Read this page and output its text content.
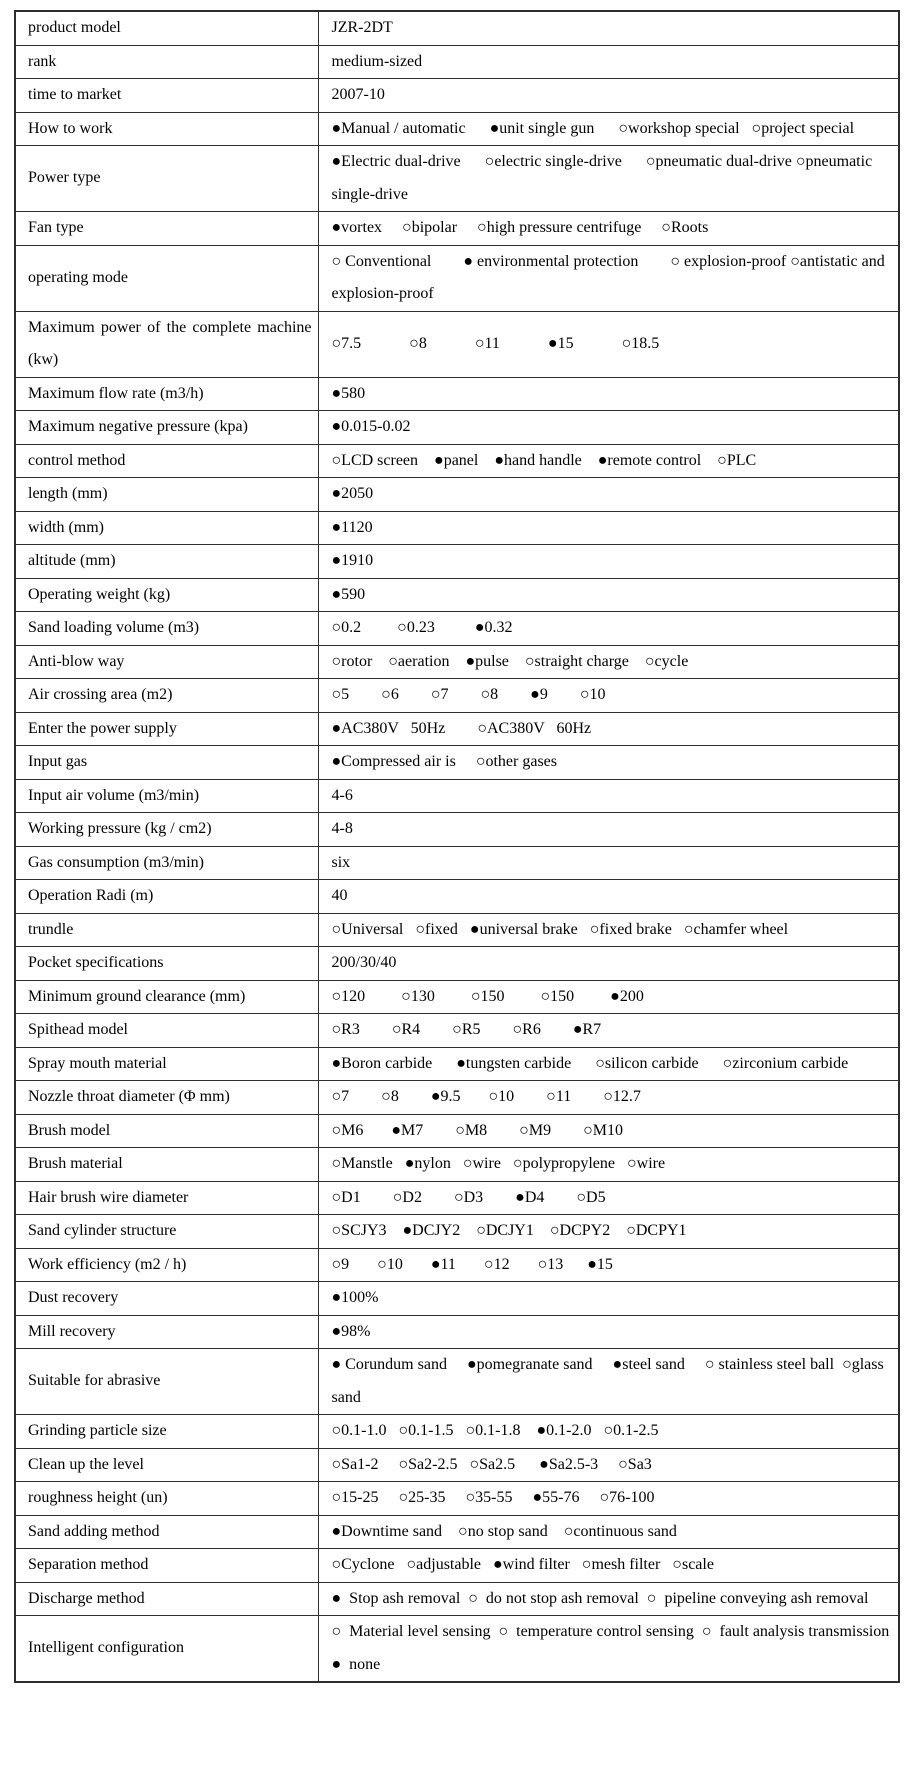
product model	JZR-2DT
rank	medium-sized
time to market	2007-10
How to work	●Manual / automatic      ●unit single gun      ○workshop special   ○project special
Power type	●Electric dual-drive      ○electric single-drive      ○pneumatic dual-drive ○pneumatic single-drive
Fan type	●vortex     ○bipolar     ○high pressure centrifuge     ○Roots
operating mode	○ Conventional        ● environmental protection        ○ explosion-proof ○antistatic and explosion-proof
Maximum power of the complete machine (kw)	○7.5            ○8            ○11            ●15            ○18.5
Maximum flow rate (m3/h)	●580
Maximum negative pressure (kpa)	●0.015-0.02
control method	○LCD screen    ●panel    ●hand handle    ●remote control    ○PLC
length (mm)	●2050
width (mm)	●1120
altitude (mm)	●1910
Operating weight (kg)	●590
Sand loading volume (m3)	○0.2         ○0.23          ●0.32
Anti-blow way	○rotor    ○aeration    ●pulse    ○straight charge    ○cycle
Air crossing area (m2)	○5        ○6        ○7        ○8        ●9        ○10
Enter the power supply	●AC380V   50Hz        ○AC380V   60Hz
Input gas	●Compressed air is     ○other gases
Input air volume (m3/min)	4-6
Working pressure (kg / cm2)	4-8
Gas consumption (m3/min)	six
Operation Radi (m)	40
trundle	○Universal   ○fixed   ●universal brake   ○fixed brake   ○chamfer wheel
Pocket specifications	200/30/40
Minimum ground clearance (mm)	○120         ○130         ○150         ○150         ●200
Spithead model	○R3        ○R4        ○R5        ○R6        ●R7
Spray mouth material	●Boron carbide      ●tungsten carbide      ○silicon carbide      ○zirconium carbide
Nozzle throat diameter (Φ mm)	○7        ○8        ●9.5       ○10        ○11        ○12.7
Brush model	○M6       ●M7        ○M8        ○M9        ○M10
Brush material	○Manstle   ●nylon   ○wire   ○polypropylene   ○wire
Hair brush wire diameter	○D1        ○D2        ○D3        ●D4        ○D5
Sand cylinder structure	○SCJY3    ●DCJY2    ○DCJY1    ○DCPY2    ○DCPY1
Work efficiency (m2 / h)	○9       ○10       ●11       ○12       ○13      ●15
Dust recovery	●100%
Mill recovery	●98%
Suitable for abrasive	● Corundum sand     ●pomegranate sand     ●steel sand     ○ stainless steel ball  ○glass sand
Grinding particle size	○0.1-1.0   ○0.1-1.5   ○0.1-1.8    ●0.1-2.0   ○0.1-2.5
Clean up the level	○Sa1-2     ○Sa2-2.5   ○Sa2.5      ●Sa2.5-3     ○Sa3
roughness height (un)	○15-25     ○25-35     ○35-55     ●55-76     ○76-100
Sand adding method	●Downtime sand    ○no stop sand    ○continuous sand
Separation method	○Cyclone   ○adjustable   ●wind filter   ○mesh filter   ○scale
Discharge method	●  Stop ash removal  ○  do not stop ash removal  ○  pipeline conveying ash removal
Intelligent configuration	○  Material level sensing  ○  temperature control sensing  ○  fault analysis transmission  ●  none
